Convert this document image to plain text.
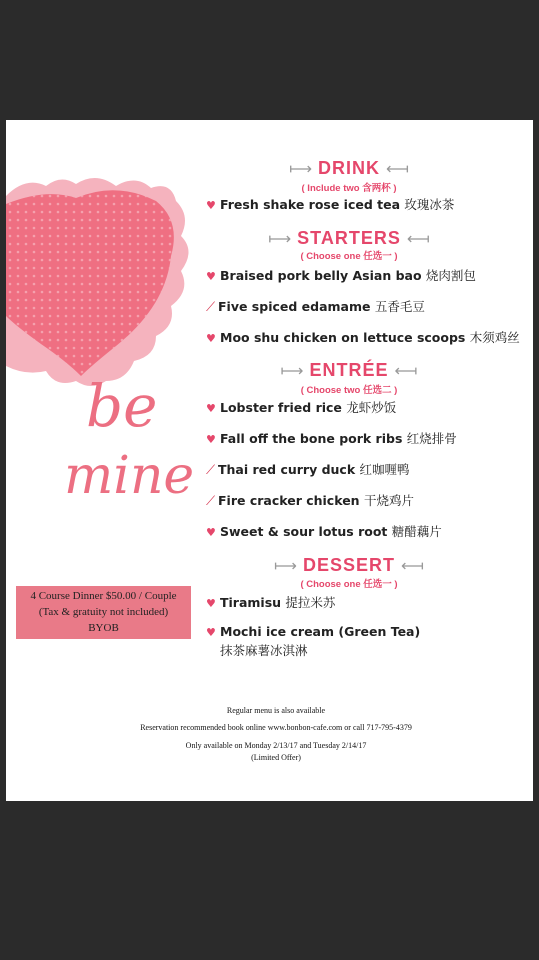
be
mine
⟼ DRINK ⟻
( Include two 含两杯 )
♥ Fresh shake rose iced tea 玫瑰冰茶
⟼ STARTERS ⟻
( Choose one 任选一 )
♥ Braised pork belly Asian bao 烧肉割包
⟋ Five spiced edamame 五香毛豆
♥ Moo shu chicken on lettuce scoops 木须鸡丝
⟼ ENTRÉE ⟻
( Choose two 任选二 )
♥ Lobster fried rice 龙虾炒饭
♥ Fall off the bone pork ribs 红烧排骨
⟋ Thai red curry duck 红咖喱鸭
⟋ Fire cracker chicken 干烧鸡片
♥ Sweet & sour lotus root 糖醋藕片
⟼ DESSERT ⟻
( Choose one 任选一 )
♥ Tiramisu 提拉米苏
♥ Mochi ice cream (Green Tea)
抹茶麻薯冰淇淋
4 Course Dinner $50.00 / Couple
(Tax & gratuity not included)
BYOB
Regular menu is also available
Reservation recommended book online www.bonbon-cafe.com or call 717-795-4379
Only available on Monday 2/13/17 and Tuesday 2/14/17
(Limited Offer)
